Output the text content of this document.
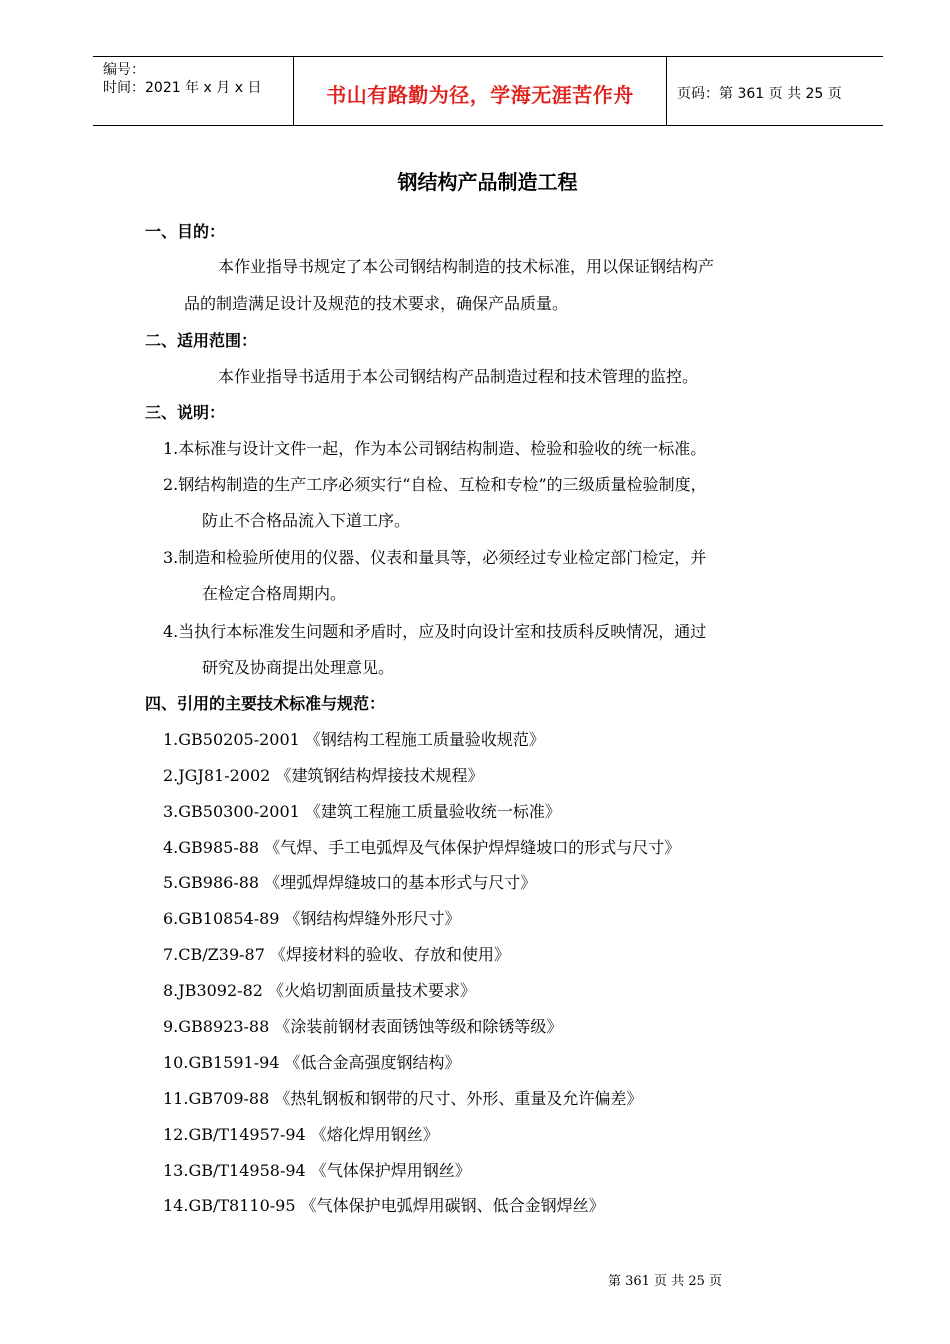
编号：
时间：2021 年 x 月 x 日	书山有路勤为径，学海无涯苦作舟	页码：第 361 页 共 25 页
钢结构产品制造工程
一、目的：
本作业指导书规定了本公司钢结构制造的技术标准，用以保证钢结构产
品的制造满足设计及规范的技术要求，确保产品质量。
二、适用范围：
本作业指导书适用于本公司钢结构产品制造过程和技术管理的监控。
三、说明：
1.本标准与设计文件一起，作为本公司钢结构制造、检验和验收的统一标准。
2.钢结构制造的生产工序必须实行“自检、互检和专检”的三级质量检验制度，
防止不合格品流入下道工序。
3.制造和检验所使用的仪器、仪表和量具等，必须经过专业检定部门检定，并
在检定合格周期内。
4.当执行本标准发生问题和矛盾时，应及时向设计室和技质科反映情况，通过
研究及协商提出处理意见。
四、引用的主要技术标准与规范：
1.GB50205-2001 《钢结构工程施工质量验收规范》
2.JGJ81-2002 《建筑钢结构焊接技术规程》
3.GB50300-2001 《建筑工程施工质量验收统一标准》
4.GB985-88 《气焊、手工电弧焊及气体保护焊焊缝坡口的形式与尺寸》
5.GB986-88 《埋弧焊焊缝坡口的基本形式与尺寸》
6.GB10854-89 《钢结构焊缝外形尺寸》
7.CB/Z39-87 《焊接材料的验收、存放和使用》
8.JB3092-82 《火焰切割面质量技术要求》
9.GB8923-88 《涂装前钢材表面锈蚀等级和除锈等级》
10.GB1591-94 《低合金高强度钢结构》
11.GB709-88 《热轧钢板和钢带的尺寸、外形、重量及允许偏差》
12.GB/T14957-94 《熔化焊用钢丝》
13.GB/T14958-94 《气体保护焊用钢丝》
14.GB/T8110-95 《气体保护电弧焊用碳钢、低合金钢焊丝》
第 361 页 共 25 页
